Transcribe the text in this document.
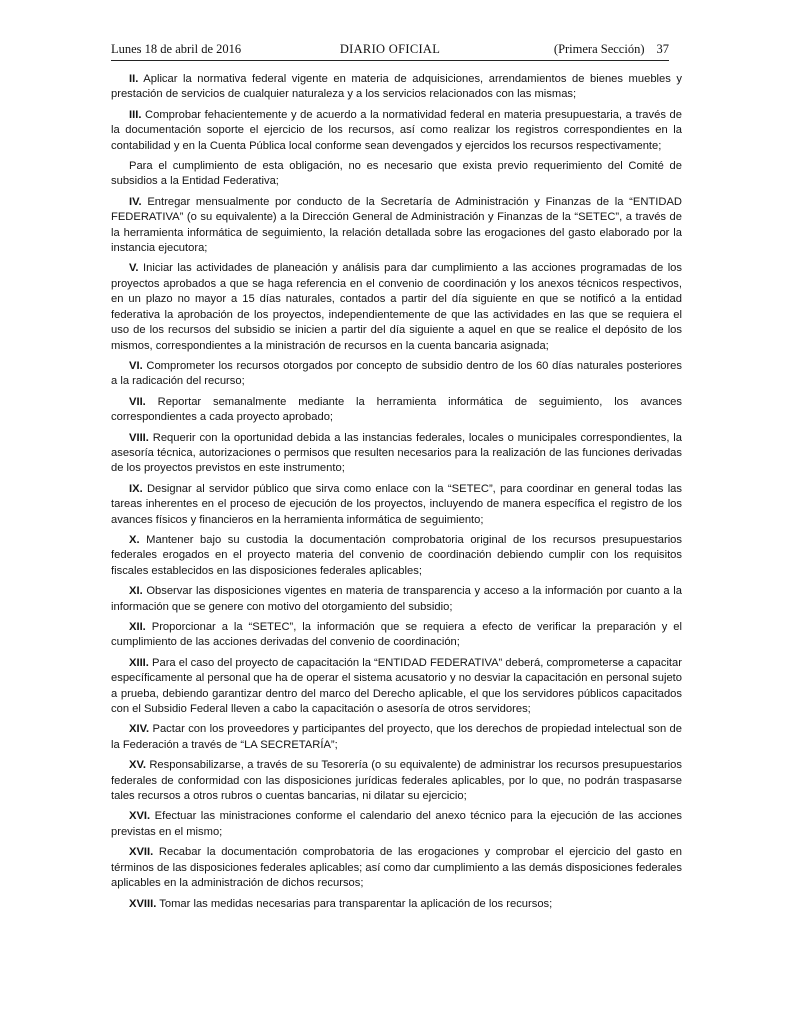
Lunes 18 de abril de 2016	DIARIO OFICIAL	(Primera Sección) 37

II. Aplicar la normativa federal vigente en materia de adquisiciones, arrendamientos de bienes muebles y prestación de servicios de cualquier naturaleza y a los servicios relacionados con las mismas;

III. Comprobar fehacientemente y de acuerdo a la normatividad federal en materia presupuestaria, a través de la documentación soporte el ejercicio de los recursos, así como realizar los registros correspondientes en la contabilidad y en la Cuenta Pública local conforme sean devengados y ejercidos los recursos respectivamente;

Para el cumplimiento de esta obligación, no es necesario que exista previo requerimiento del Comité de subsidios a la Entidad Federativa;

IV. Entregar mensualmente por conducto de la Secretaría de Administración y Finanzas de la “ENTIDAD FEDERATIVA” (o su equivalente) a la Dirección General de Administración y Finanzas de la “SETEC”, a través de la herramienta informática de seguimiento, la relación detallada sobre las erogaciones del gasto elaborado por la instancia ejecutora;

V. Iniciar las actividades de planeación y análisis para dar cumplimiento a las acciones programadas de los proyectos aprobados a que se haga referencia en el convenio de coordinación y los anexos técnicos respectivos, en un plazo no mayor a 15 días naturales, contados a partir del día siguiente en que se notificó a la entidad federativa la aprobación de los proyectos, independientemente de que las actividades en las que se requiera el uso de los recursos del subsidio se inicien a partir del día siguiente a aquel en que se realice el depósito de los mismos, correspondientes a la ministración de recursos en la cuenta bancaria asignada;

VI. Comprometer los recursos otorgados por concepto de subsidio dentro de los 60 días naturales posteriores a la radicación del recurso;

VII. Reportar semanalmente mediante la herramienta informática de seguimiento, los avances correspondientes a cada proyecto aprobado;

VIII. Requerir con la oportunidad debida a las instancias federales, locales o municipales correspondientes, la asesoría técnica, autorizaciones o permisos que resulten necesarios para la realización de las funciones derivadas de los proyectos previstos en este instrumento;

IX. Designar al servidor público que sirva como enlace con la “SETEC”, para coordinar en general todas las tareas inherentes en el proceso de ejecución de los proyectos, incluyendo de manera específica el registro de los avances físicos y financieros en la herramienta informática de seguimiento;

X. Mantener bajo su custodia la documentación comprobatoria original de los recursos presupuestarios federales erogados en el proyecto materia del convenio de coordinación debiendo cumplir con los requisitos fiscales establecidos en las disposiciones federales aplicables;

XI. Observar las disposiciones vigentes en materia de transparencia y acceso a la información por cuanto a la información que se genere con motivo del otorgamiento del subsidio;

XII. Proporcionar a la “SETEC”, la información que se requiera a efecto de verificar la preparación y el cumplimiento de las acciones derivadas del convenio de coordinación;

XIII. Para el caso del proyecto de capacitación la “ENTIDAD FEDERATIVA” deberá, comprometerse a capacitar específicamente al personal que ha de operar el sistema acusatorio y no desviar la capacitación en personal sujeto a prueba, debiendo garantizar dentro del marco del Derecho aplicable, el que los servidores públicos capacitados con el Subsidio Federal lleven a cabo la capacitación o asesoría de otros servidores;

XIV. Pactar con los proveedores y participantes del proyecto, que los derechos de propiedad intelectual son de la Federación a través de “LA SECRETARÍA”;

XV. Responsabilizarse, a través de su Tesorería (o su equivalente) de administrar los recursos presupuestarios federales de conformidad con las disposiciones jurídicas federales aplicables, por lo que, no podrán traspasarse tales recursos a otros rubros o cuentas bancarias, ni dilatar su ejercicio;

XVI. Efectuar las ministraciones conforme el calendario del anexo técnico para la ejecución de las acciones previstas en el mismo;

XVII. Recabar la documentación comprobatoria de las erogaciones y comprobar el ejercicio del gasto en términos de las disposiciones federales aplicables; así como dar cumplimiento a las demás disposiciones federales aplicables en la administración de dichos recursos;

XVIII. Tomar las medidas necesarias para transparentar la aplicación de los recursos;
